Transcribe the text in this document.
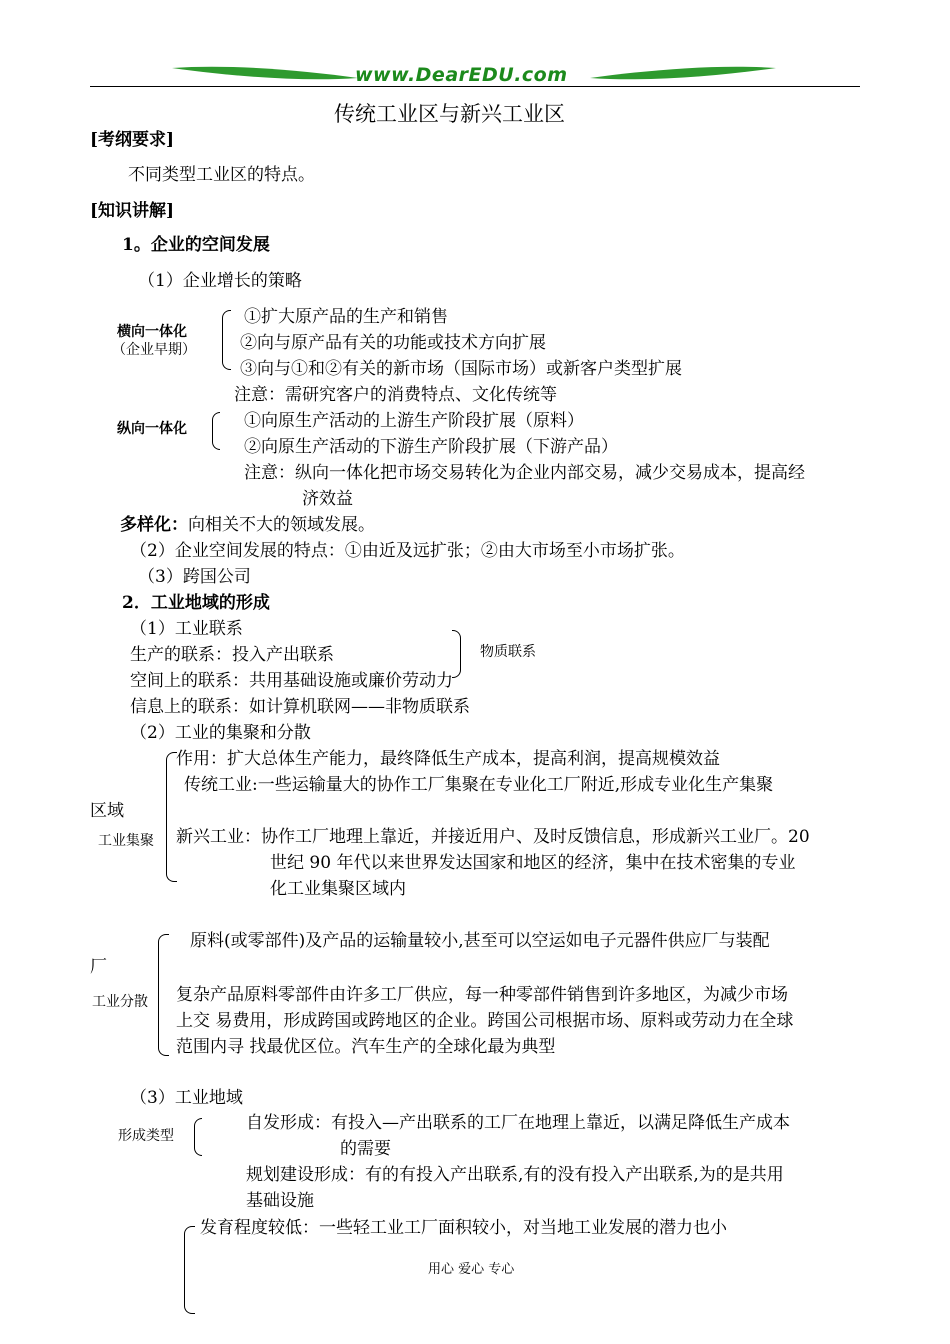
www.DearEDU.com
传统工业区与新兴工业区
[考纲要求]
不同类型工业区的特点。
[知识讲解]
1。企业的空间发展
（1）企业增长的策略
横向一体化
（企业早期）
①扩大原产品的生产和销售
②向与原产品有关的功能或技术方向扩展
③向与①和②有关的新市场（国际市场）或新客户类型扩展
注意：需研究客户的消费特点、文化传统等
纵向一体化	①向原生产活动的上游生产阶段扩展（原料）
②向原生产活动的下游生产阶段扩展（下游产品）
注意：纵向一体化把市场交易转化为企业内部交易，减少交易成本，提高经
济效益
多样化：向相关不大的领域发展。
（2）企业空间发展的特点：①由近及远扩张；②由大市场至小市场扩张。
（3）跨国公司
2．工业地域的形成
（1）工业联系
生产的联系：投入产出联系
空间上的联系：共用基础设施或廉价劳动力
信息上的联系：如计算机联网——非物质联系
物质联系
（2）工业的集聚和分散
作用：扩大总体生产能力，最终降低生产成本，提高利润，提高规模效益
传统工业:一些运输量大的协作工厂集聚在专业化工厂附近,形成专业化生产集聚
区域
工业集聚 新兴工业：协作工厂地理上靠近，并接近用户、及时反馈信息，形成新兴工业厂。20
世纪 90 年代以来世界发达国家和地区的经济，集中在技术密集的专业
化工业集聚区域内
原料(或零部件)及产品的运输量较小,甚至可以空运如电子元器件供应厂与装配
厂
工业分散 复杂产品原料零部件由许多工厂供应，每一种零部件销售到许多地区，为减少市场
上交 易费用，形成跨国或跨地区的企业。跨国公司根据市场、原料或劳动力在全球
范围内寻 找最优区位。汽车生产的全球化最为典型
（3）工业地域
形成类型
自发形成：有投入—产出联系的工厂在地理上靠近，以满足降低生产成本
的需要
规划建设形成：有的有投入产出联系,有的没有投入产出联系,为的是共用
基础设施
发育程度较低：一些轻工业工厂面积较小，对当地工业发展的潜力也小
用心 爱心 专心
